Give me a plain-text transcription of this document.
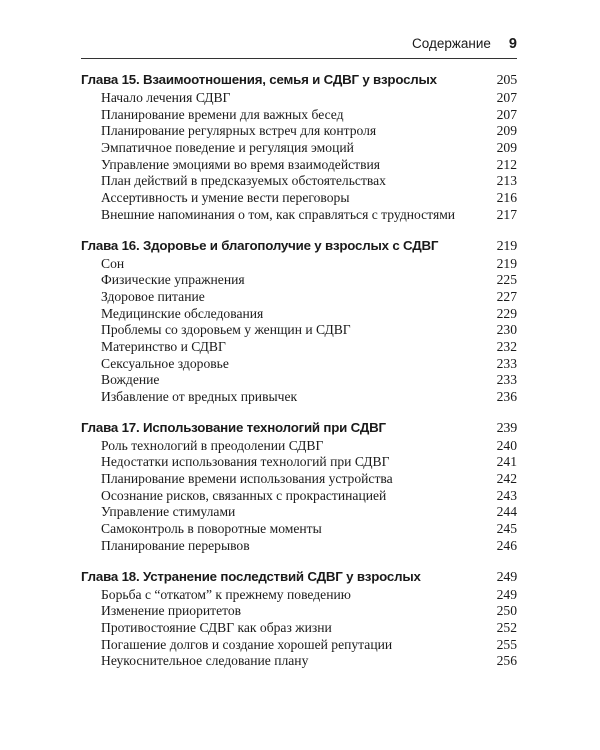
Содержание 9
Глава 15. Взаимоотношения, семья и СДВГ у взрослых	205
Начало лечения СДВГ	207
Планирование времени для важных бесед	207
Планирование регулярных встреч для контроля	209
Эмпатичное поведение и регуляция эмоций	209
Управление эмоциями во время взаимодействия	212
План действий в предсказуемых обстоятельствах	213
Ассертивность и умение вести переговоры	216
Внешние напоминания о том, как справляться с трудностями	217
Глава 16. Здоровье и благополучие у взрослых с СДВГ	219
Сон	219
Физические упражнения	225
Здоровое питание	227
Медицинские обследования	229
Проблемы со здоровьем у женщин и СДВГ	230
Материнство и СДВГ	232
Сексуальное здоровье	233
Вождение	233
Избавление от вредных привычек	236
Глава 17. Использование технологий при СДВГ	239
Роль технологий в преодолении СДВГ	240
Недостатки использования технологий при СДВГ	241
Планирование времени использования устройства	242
Осознание рисков, связанных с прокрастинацией	243
Управление стимулами	244
Самоконтроль в поворотные моменты	245
Планирование перерывов	246
Глава 18. Устранение последствий СДВГ у взрослых	249
Борьба с “откатом” к прежнему поведению	249
Изменение приоритетов	250
Противостояние СДВГ как образ жизни	252
Погашение долгов и создание хорошей репутации	255
Неукоснительное следование плану	256
